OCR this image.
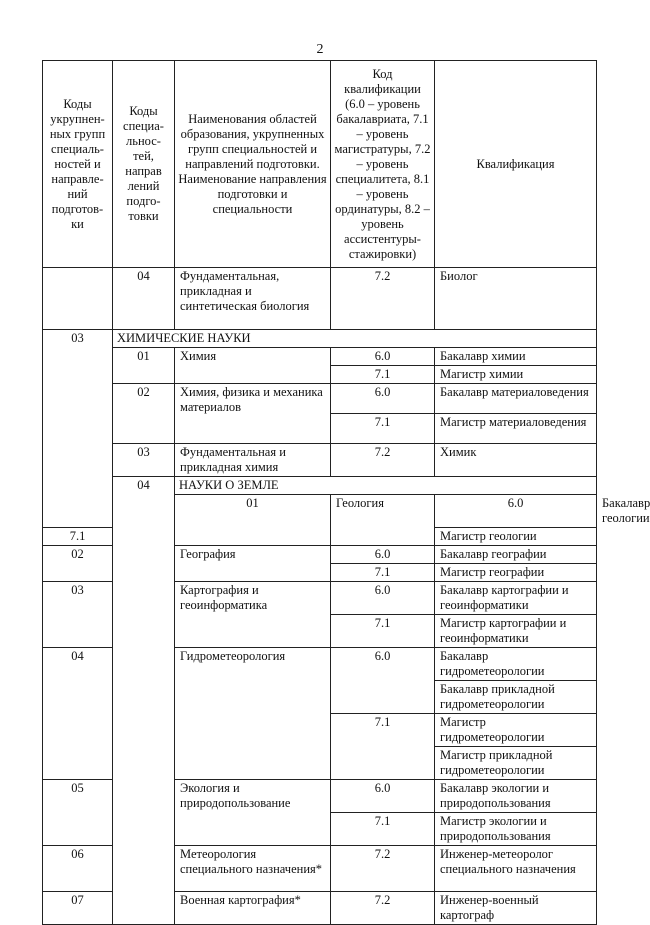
2
Коды укрупнен-ных групп специаль-ностей и направле-ний подготов-ки	Коды специа-льнос-тей, направ лений подго-товки	Наименования областей образования, укрупненных групп специальностей и направлений подготовки. Наименование направления подготовки и специальности	Код квалификации (6.0 – уровень бакалавриата, 7.1 – уровень магистратуры, 7.2 – уровень специалитета, 8.1 – уровень ординатуры, 8.2 – уровень ассистентуры-стажировки)	Квалификация	
	04	Фундаментальная, прикладная и синтетическая биология	7.2	Биолог	
03	ХИМИЧЕСКИЕ НАУКИ				
	01	Химия	6.0	Бакалавр химии	
			7.1	Магистр химии	
	02	Химия, физика и механика материалов	6.0	Бакалавр материаловедения	
			7.1	Магистр материаловедения	
	03	Фундаментальная и прикладная химия	7.2	Химик	
	04	НАУКИ О ЗЕМЛЕ			
		01	Геология	6.0	Бакалавр геологии
7.1				Магистр геологии	
02		География	6.0	Бакалавр географии	
			7.1	Магистр географии	
03		Картография и геоинформатика	6.0	Бакалавр картографии и геоинформатики	
			7.1	Магистр картографии и геоинформатики	
04		Гидрометеорология	6.0	Бакалавр гидрометеорологии	
				Бакалавр прикладной гидрометеорологии	
			7.1	Магистр гидрометеорологии	
				Магистр прикладной гидрометеорологии	
05		Экология и природопользование	6.0	Бакалавр экологии и природопользования	
			7.1	Магистр экологии и природопользования	
06		Метеорология специального назначения*	7.2	Инженер-метеоролог специального назначения	
07		Военная картография*	7.2	Инженер-военный картограф	
